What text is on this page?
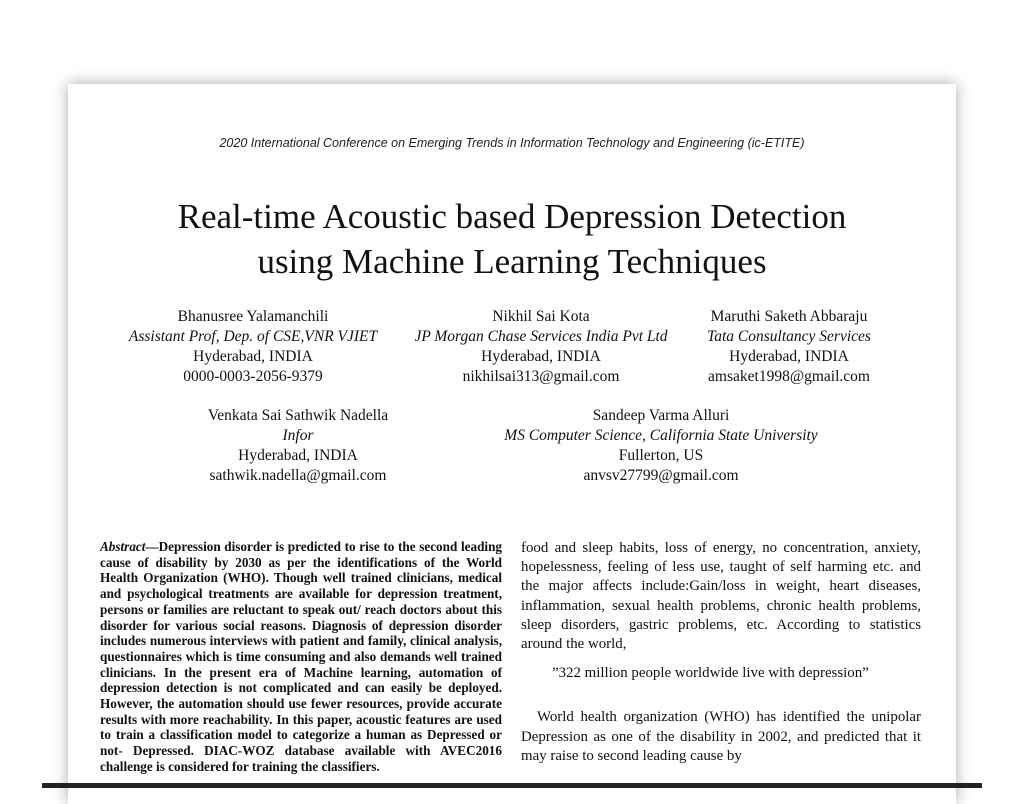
2020 International Conference on Emerging Trends in Information Technology and Engineering (ic-ETITE)
Real-time Acoustic based Depression Detection
using Machine Learning Techniques
Bhanusree Yalamanchili
Assistant Prof, Dep. of CSE,VNR VJIET
Hyderabad, INDIA
0000-0003-2056-9379
Nikhil Sai Kota
JP Morgan Chase Services India Pvt Ltd
Hyderabad, INDIA
nikhilsai313@gmail.com
Maruthi Saketh Abbaraju
Tata Consultancy Services
Hyderabad, INDIA
amsaket1998@gmail.com
Venkata Sai Sathwik Nadella
Infor
Hyderabad, INDIA
sathwik.nadella@gmail.com
Sandeep Varma Alluri
MS Computer Science, California State University
Fullerton, US
anvsv27799@gmail.com
Abstract—Depression disorder is predicted to rise to the second leading cause of disability by 2030 as per the identifications of the World Health Organization (WHO). Though well trained clinicians, medical and psychological treatments are available for depression treatment, persons or families are reluctant to speak out/ reach doctors about this disorder for various social reasons. Diagnosis of depression disorder includes numerous interviews with patient and family, clinical analysis, questionnaires which is time consuming and also demands well trained clinicians. In the present era of Machine learning, automation of depression detection is not complicated and can easily be deployed. However, the automation should use fewer resources, provide accurate results with more reachability. In this paper, acoustic features are used to train a classification model to categorize a human as Depressed or not- Depressed. DIAC-WOZ database available with AVEC2016 challenge is considered for training the classifiers.
food and sleep habits, loss of energy, no concentration, anxiety, hopelessness, feeling of less use, taught of self harming etc. and the major affects include:Gain/loss in weight, heart diseases, inflammation, sexual health problems, chronic health problems, sleep disorders, gastric problems, etc. According to statistics around the world,
”322 million people worldwide live with depression”
World health organization (WHO) has identified the unipolar Depression as one of the disability in 2002, and predicted that it may raise to second leading cause by
